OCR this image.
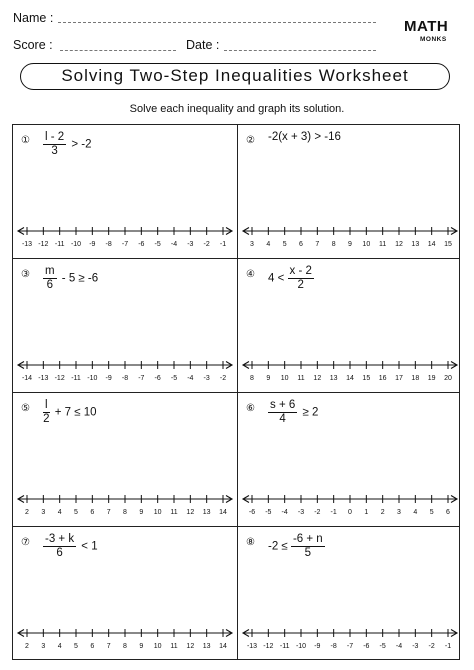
Name :
Score :	Date :
MATH
MONKS
Solving Two-Step Inequalities Worksheet
Solve each inequality and graph its solution.
① $\frac{l - 2}{3} > -2$
-13 -12 -11 -10 -9 -8 -7 -6 -5 -4 -3 -2 -1
② -2(x + 3) > -16
3 4 5 6 7 8 9 10 11 12 13 14 15
③ $\frac{m}{6} - 5 \ge -6$
-14 -13 -12 -11 -10 -9 -8 -7 -6 -5 -4 -3 -2
④ $4 < \frac{x - 2}{2}$
8 9 10 11 12 13 14 15 16 17 18 19 20
⑤ $\frac{l}{2} + 7 \le 10$
2 3 4 5 6 7 8 9 10 11 12 13 14
⑥ $\frac{s + 6}{4} \ge 2$
-6 -5 -4 -3 -2 -1 0 1 2 3 4 5 6
⑦ $\frac{-3 + k}{6} < 1$
2 3 4 5 6 7 8 9 10 11 12 13 14
⑧ $-2 \le \frac{-6 + n}{5}$
-13 -12 -11 -10 -9 -8 -7 -6 -5 -4 -3 -2 -1
